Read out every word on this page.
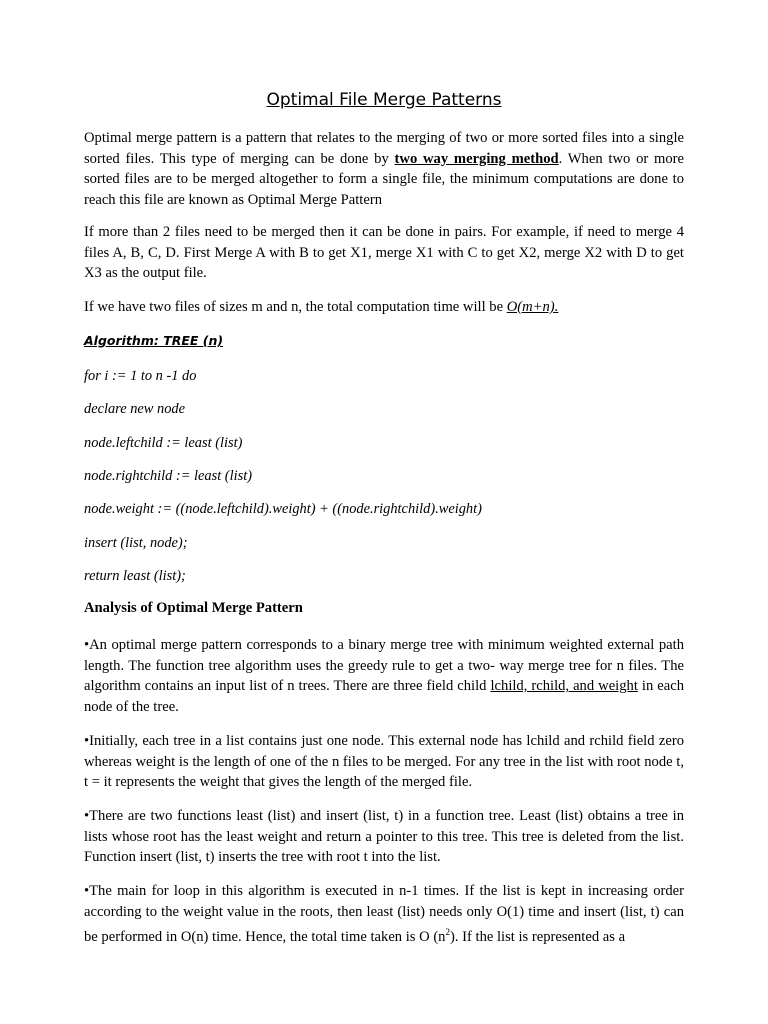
Optimal File Merge Patterns

Optimal merge pattern is a pattern that relates to the merging of two or more sorted files into a single sorted files. This type of merging can be done by two way merging method. When two or more sorted files are to be merged altogether to form a single file, the minimum computations are done to reach this file are known as Optimal Merge Pattern

If more than 2 files need to be merged then it can be done in pairs. For example, if need to merge 4 files A, B, C, D. First Merge A with B to get X1, merge X1 with C to get X2, merge X2 with D to get X3 as the output file.

If we have two files of sizes m and n, the total computation time will be O(m+n).

Algorithm: TREE (n)
for i := 1 to n -1 do
declare new node
node.leftchild := least (list)
node.rightchild := least (list)
node.weight := ((node.leftchild).weight) + ((node.rightchild).weight)
insert (list, node);
return least (list);
Analysis of Optimal Merge Pattern

•An optimal merge pattern corresponds to a binary merge tree with minimum weighted external path length. The function tree algorithm uses the greedy rule to get a two- way merge tree for n files. The algorithm contains an input list of n trees. There are three field child lchild, rchild, and weight in each node of the tree.

•Initially, each tree in a list contains just one node. This external node has lchild and rchild field zero whereas weight is the length of one of the n files to be merged. For any tree in the list with root node t, t = it represents the weight that gives the length of the merged file.

•There are two functions least (list) and insert (list, t) in a function tree. Least (list) obtains a tree in lists whose root has the least weight and return a pointer to this tree. This tree is deleted from the list. Function insert (list, t) inserts the tree with root t into the list.

•The main for loop in this algorithm is executed in n-1 times. If the list is kept in increasing order according to the weight value in the roots, then least (list) needs only O(1) time and insert (list, t) can be performed in O(n) time. Hence, the total time taken is O $(n^2)$. If the list is represented as a
